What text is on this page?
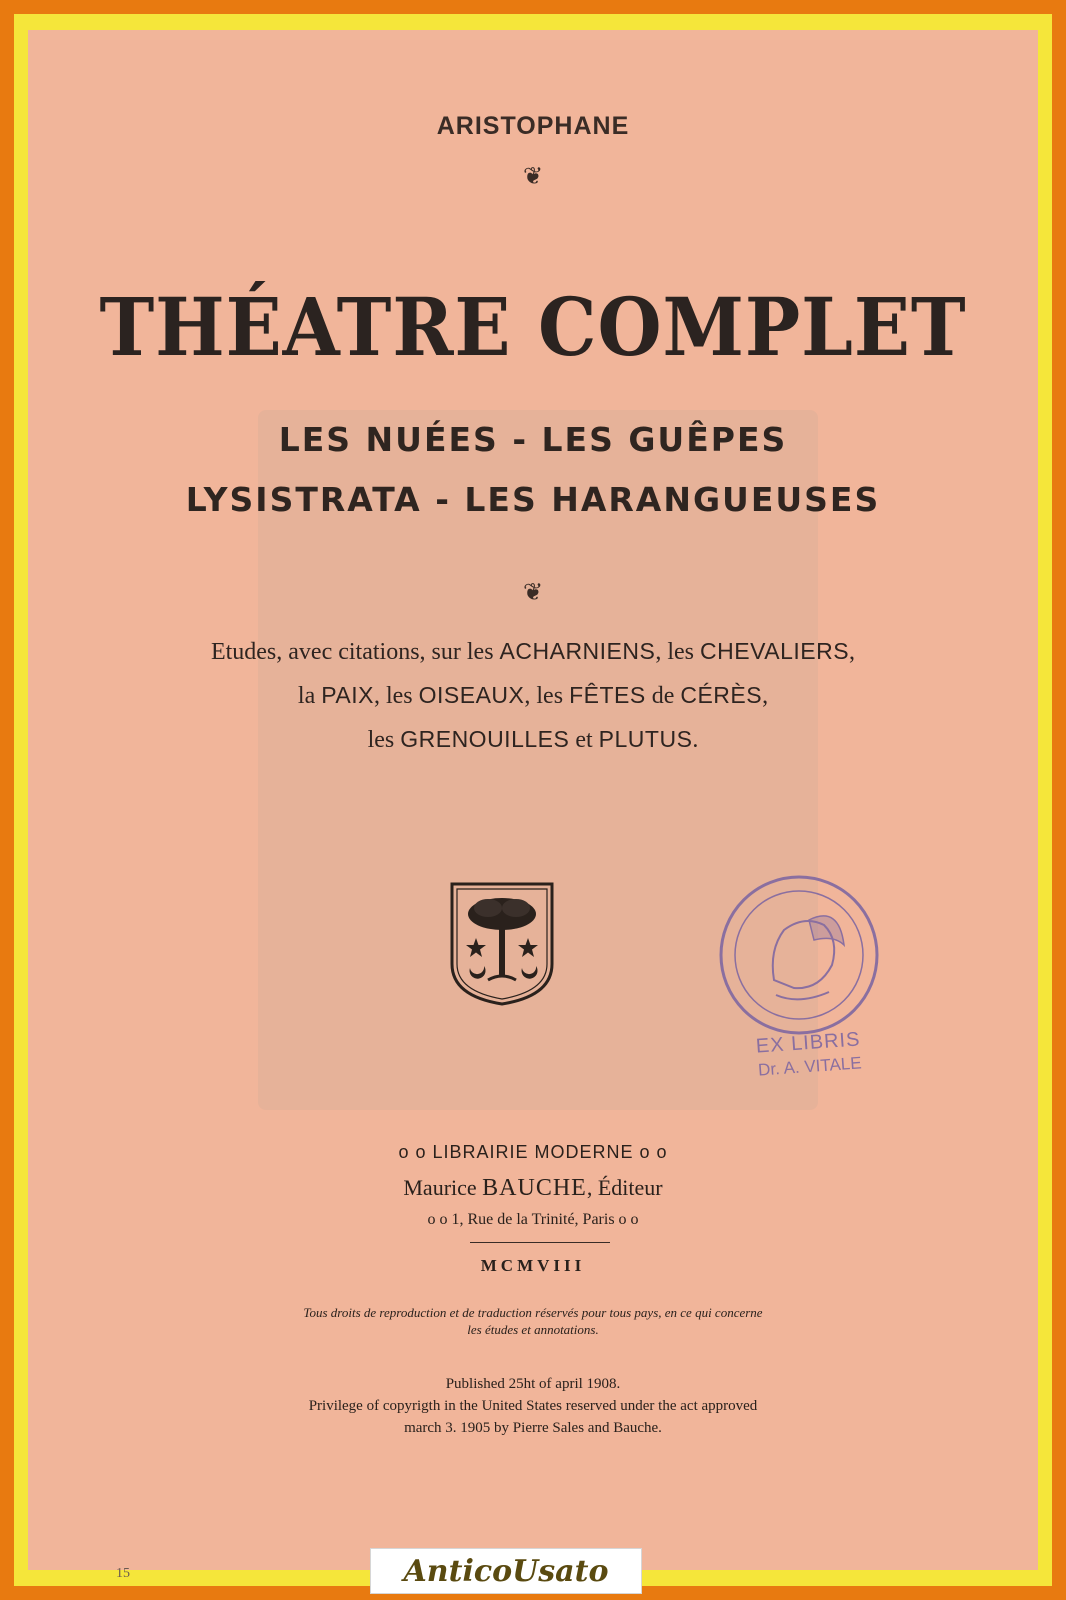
ARISTOPHANE
❦
THÉATRE COMPLET
LES NUÉES - LES GUÊPES
LYSISTRATA - LES HARANGUEUSES
❦
Etudes, avec citations, sur les ACHARNIENS, les CHEVALIERS,
la PAIX, les OISEAUX, les FÊTES de CÉRÈS,
les GRENOUILLES et PLUTUS.
EX LIBRIS
Dr. A. VITALE
o o LIBRAIRIE MODERNE o o
Maurice BAUCHE, Éditeur
o o 1, Rue de la Trinité, Paris o o
MCMVIII
Tous droits de reproduction et de traduction réservés pour tous pays, en ce qui concerne
les études et annotations.
Published 25ht of april 1908.
Privilege of copyrigth in the United States reserved under the act approved
march 3. 1905 by Pierre Sales and Bauche.
15	AnticoUsato
